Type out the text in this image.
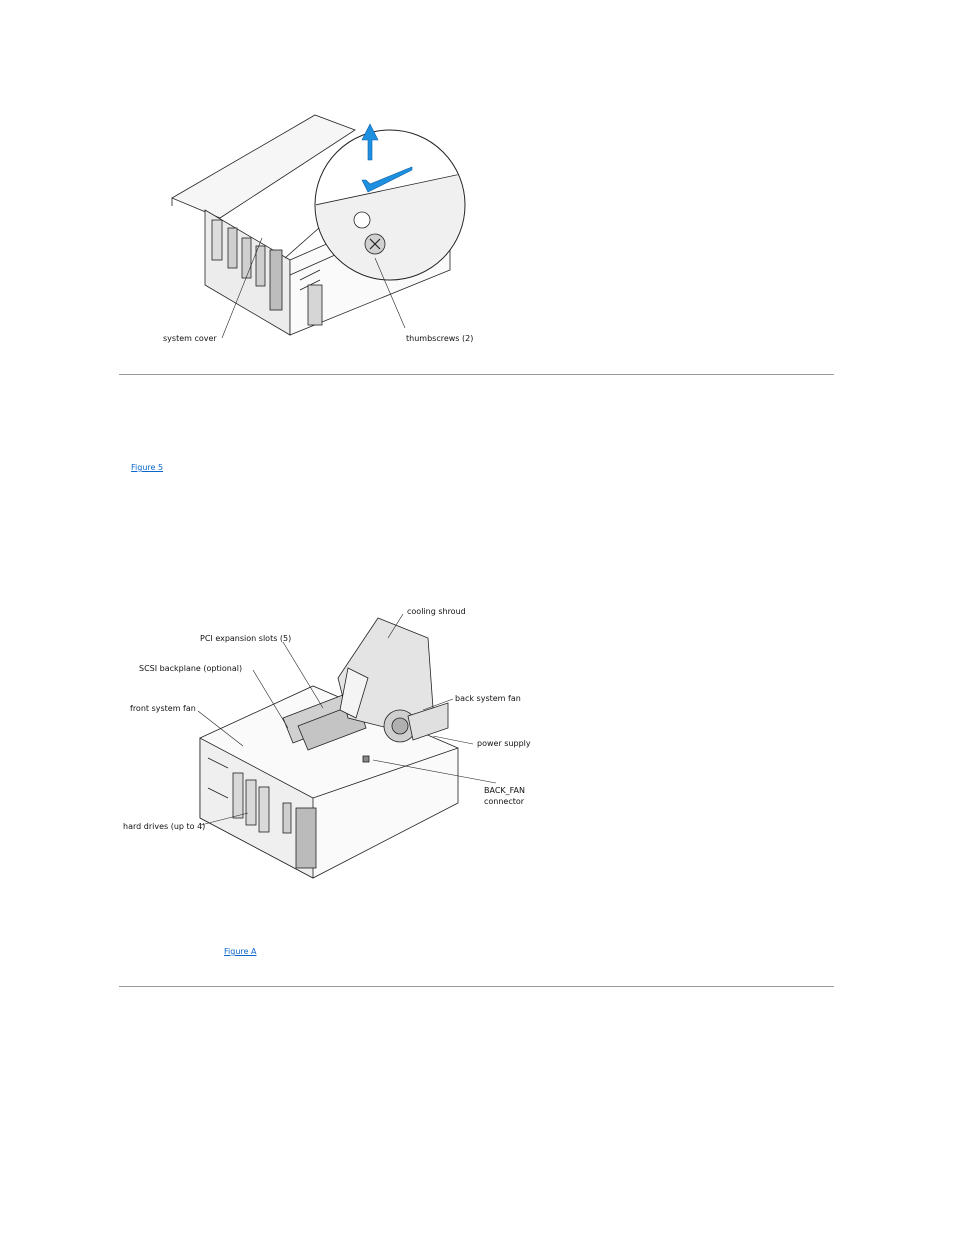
system cover	thumbscrews (2)
Figure 5
cooling shroud
PCI expansion slots (5)
SCSI backplane (optional)
front system fan
back system fan
power supply
BACK_FAN
connector
hard drives (up to 4)
Figure A
